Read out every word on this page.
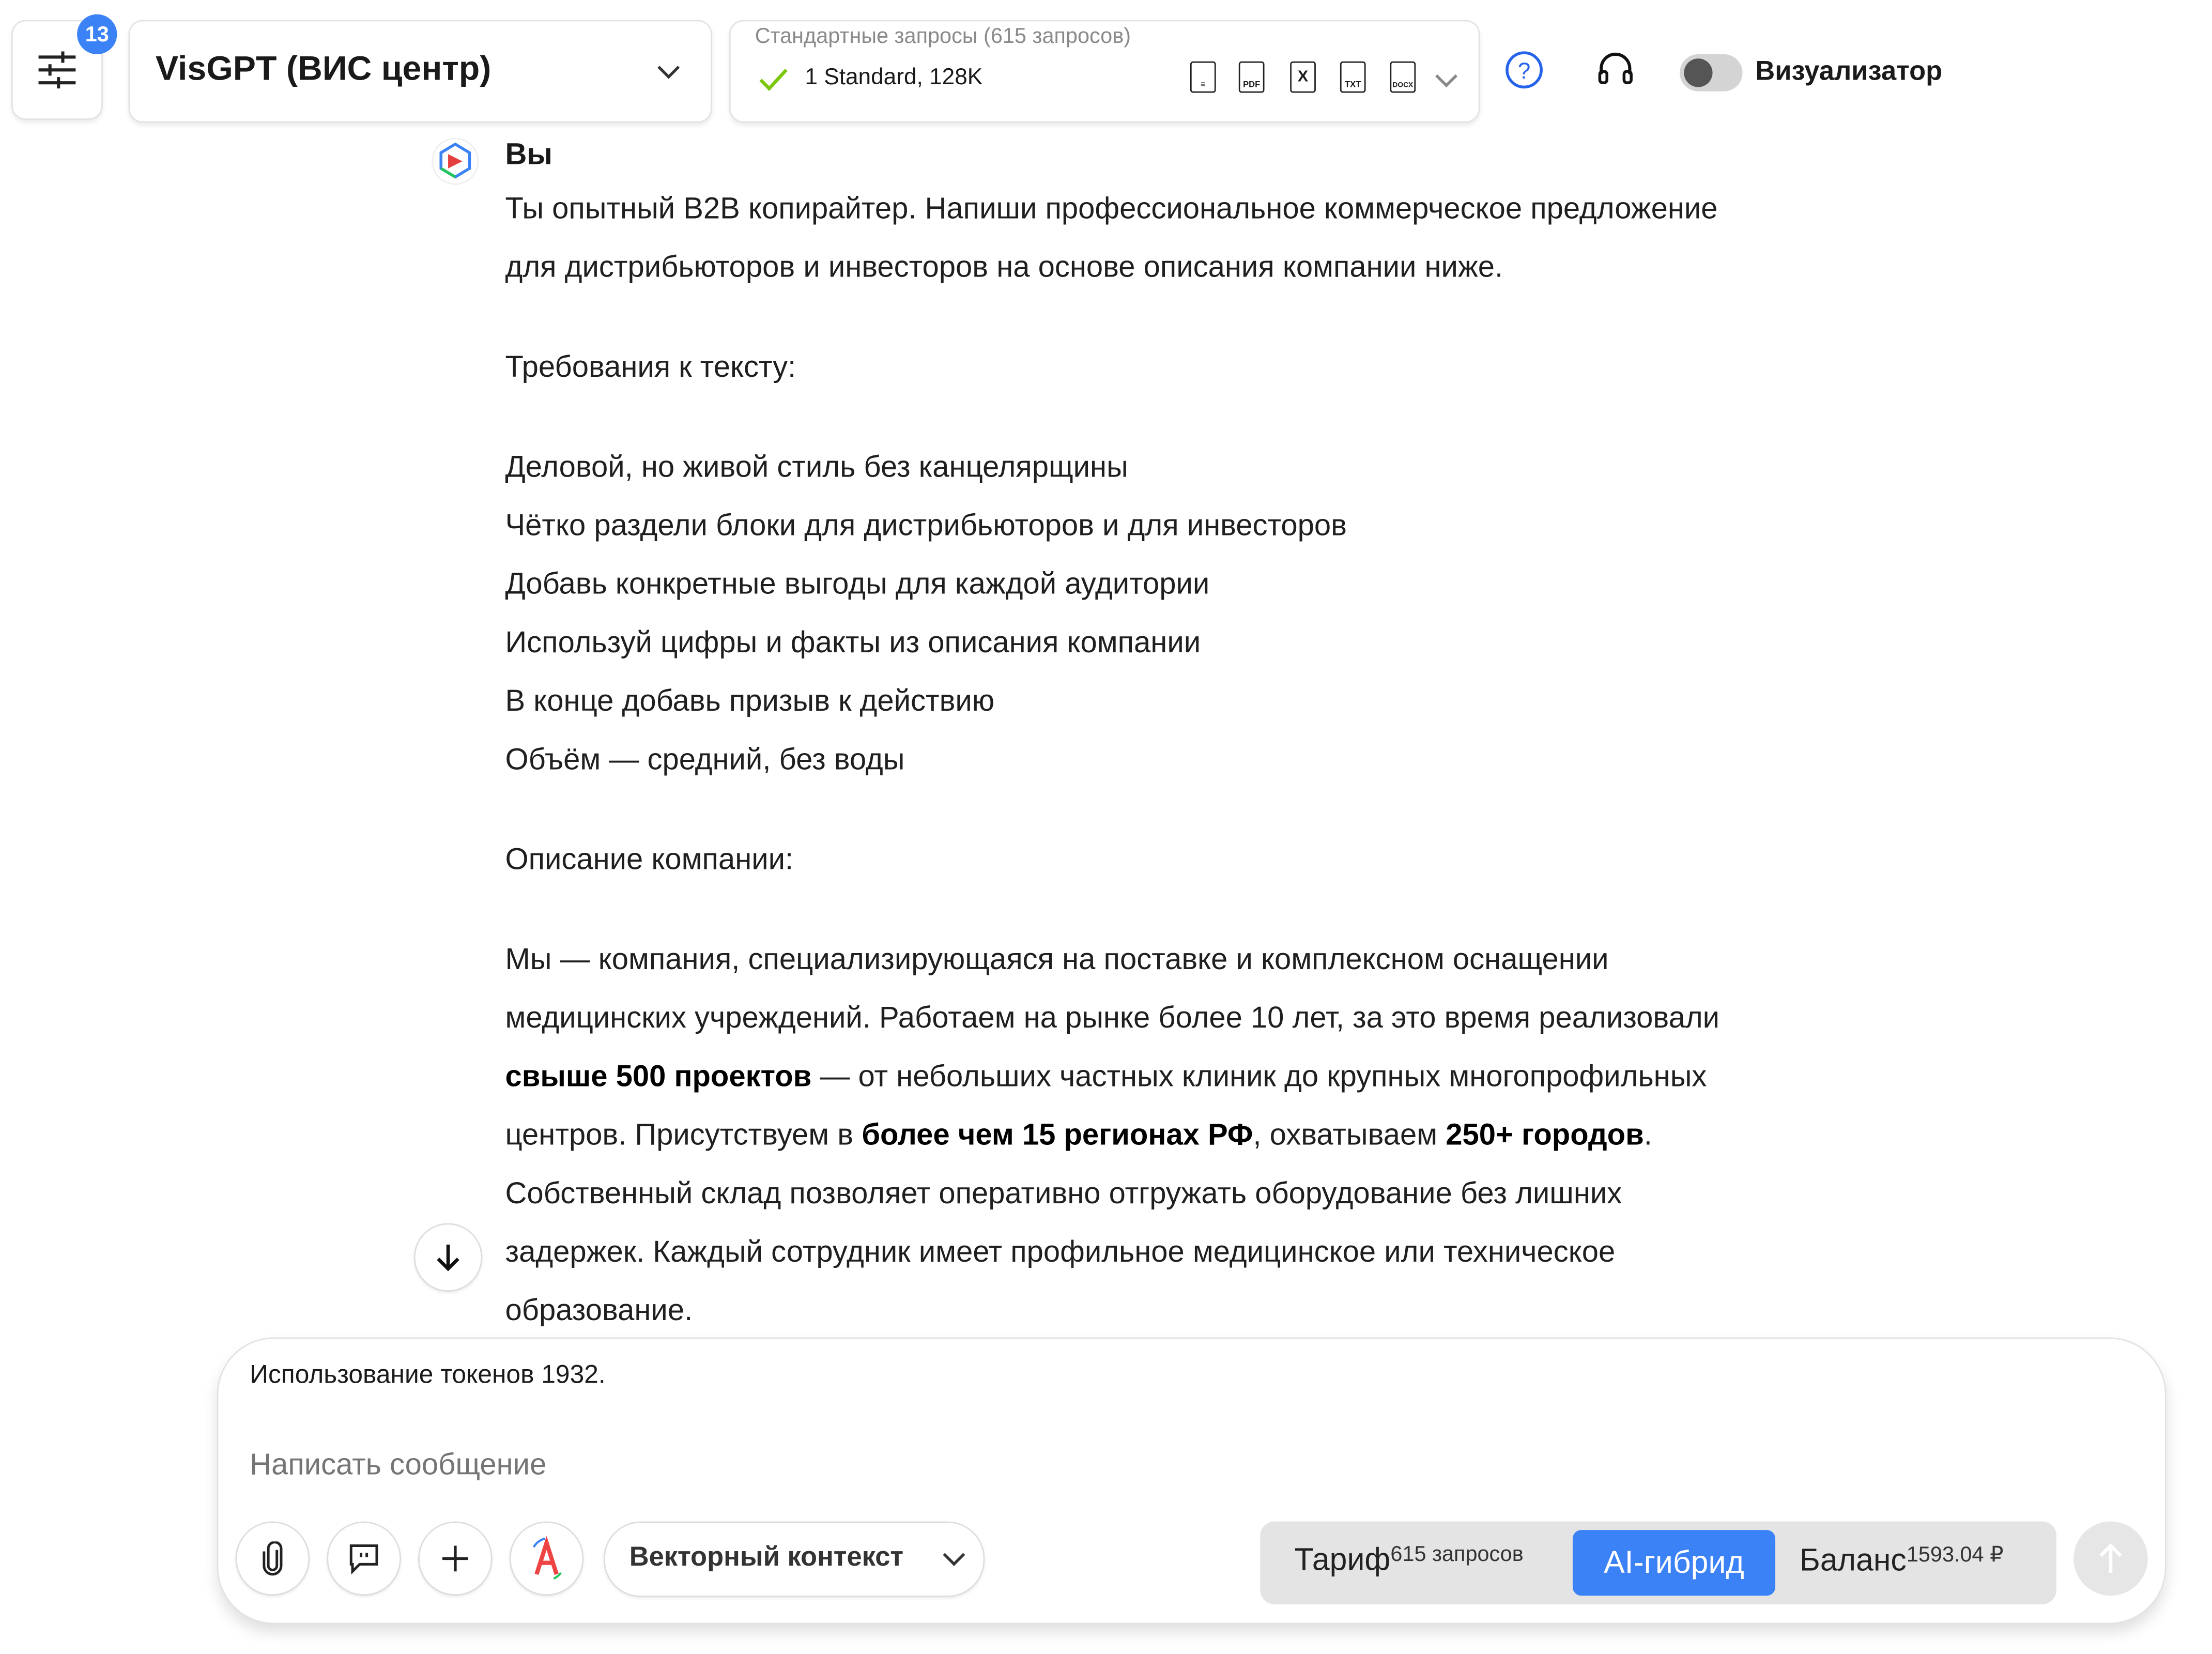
13
VisGPT (ВИС центр)
Стандартные запросы (615 запросов)
1 Standard, 128K	≡	PDF
X
TXT	DOCX
?	Визуализатор
Вы
Ты опытный B2B копирайтер. Напиши профессиональное коммерческое предложение
для дистрибьюторов и инвесторов на основе описания компании ниже.
Требования к тексту:
Деловой, но живой стиль без канцелярщины
Чётко раздели блоки для дистрибьюторов и для инвесторов
Добавь конкретные выгоды для каждой аудитории
Используй цифры и факты из описания компании
В конце добавь призыв к действию
Объём — средний, без воды
Описание компании:
Мы — компания, специализирующаяся на поставке и комплексном оснащении
медицинских учреждений. Работаем на рынке более 10 лет, за это время реализовали
свыше 500 проектов — от небольших частных клиник до крупных многопрофильных
центров. Присутствуем в более чем 15 регионах РФ, охватываем 250+ городов.
Собственный склад позволяет оперативно отгружать оборудование без лишних
задержек. Каждый сотрудник имеет профильное медицинское или техническое
образование.
Использование токенов 1932.
Написать сообщение
Векторный контекст	Тариф$^{615 запросов}$	AI-гибрид	Баланс$^{1593.04 ₽}$
